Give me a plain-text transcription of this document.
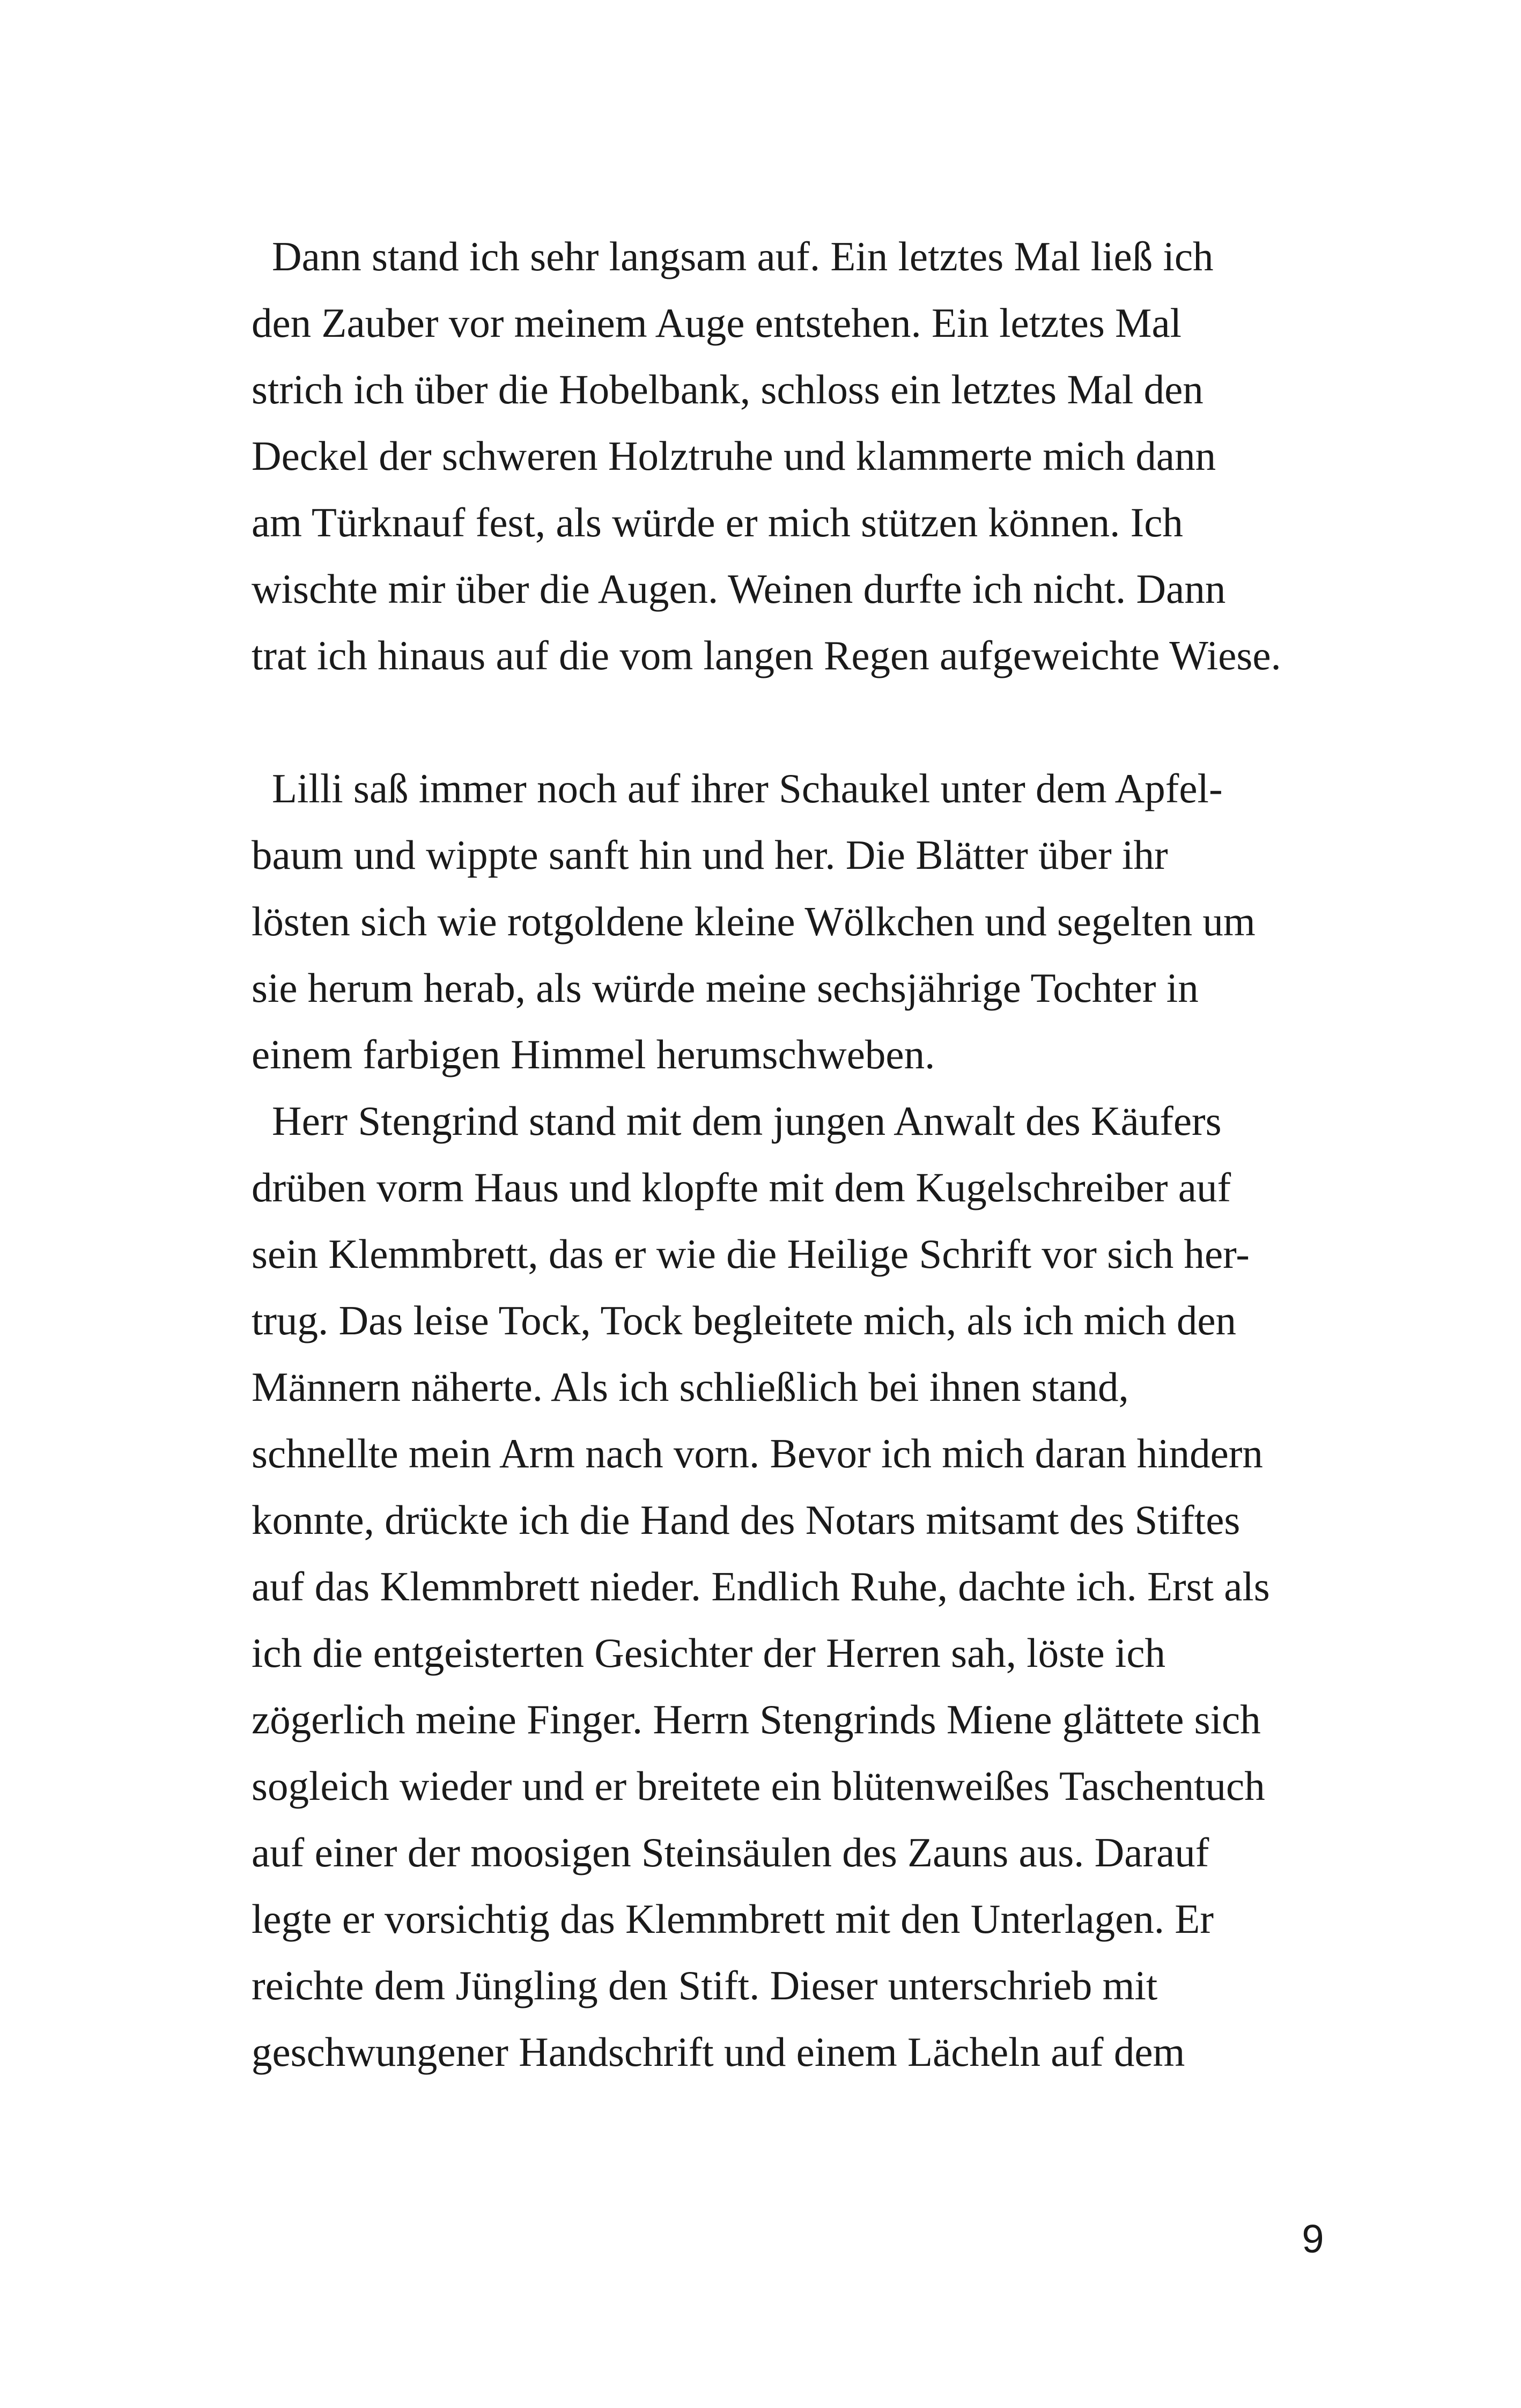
Dann stand ich sehr langsam auf. Ein letztes Mal ließ ich
den Zauber vor meinem Auge entstehen. Ein letztes Mal
strich ich über die Hobelbank, schloss ein letztes Mal den
Deckel der schweren Holztruhe und klammerte mich dann
am Türknauf fest, als würde er mich stützen können. Ich
wischte mir über die Augen. Weinen durfte ich nicht. Dann
trat ich hinaus auf die vom langen Regen aufgeweichte Wiese.
Lilli saß immer noch auf ihrer Schaukel unter dem Apfel-
baum und wippte sanft hin und her. Die Blätter über ihr
lösten sich wie rotgoldene kleine Wölkchen und segelten um
sie herum herab, als würde meine sechsjährige Tochter in
einem farbigen Himmel herumschweben.
Herr Stengrind stand mit dem jungen Anwalt des Käufers
drüben vorm Haus und klopfte mit dem Kugelschreiber auf
sein Klemmbrett, das er wie die Heilige Schrift vor sich her-
trug. Das leise Tock, Tock begleitete mich, als ich mich den
Männern näherte. Als ich schließlich bei ihnen stand,
schnellte mein Arm nach vorn. Bevor ich mich daran hindern
konnte, drückte ich die Hand des Notars mitsamt des Stiftes
auf das Klemmbrett nieder. Endlich Ruhe, dachte ich. Erst als
ich die entgeisterten Gesichter der Herren sah, löste ich
zögerlich meine Finger. Herrn Stengrinds Miene glättete sich
sogleich wieder und er breitete ein blütenweißes Taschentuch
auf einer der moosigen Steinsäulen des Zauns aus. Darauf
legte er vorsichtig das Klemmbrett mit den Unterlagen. Er
reichte dem Jüngling den Stift. Dieser unterschrieb mit
geschwungener Handschrift und einem Lächeln auf dem
9
